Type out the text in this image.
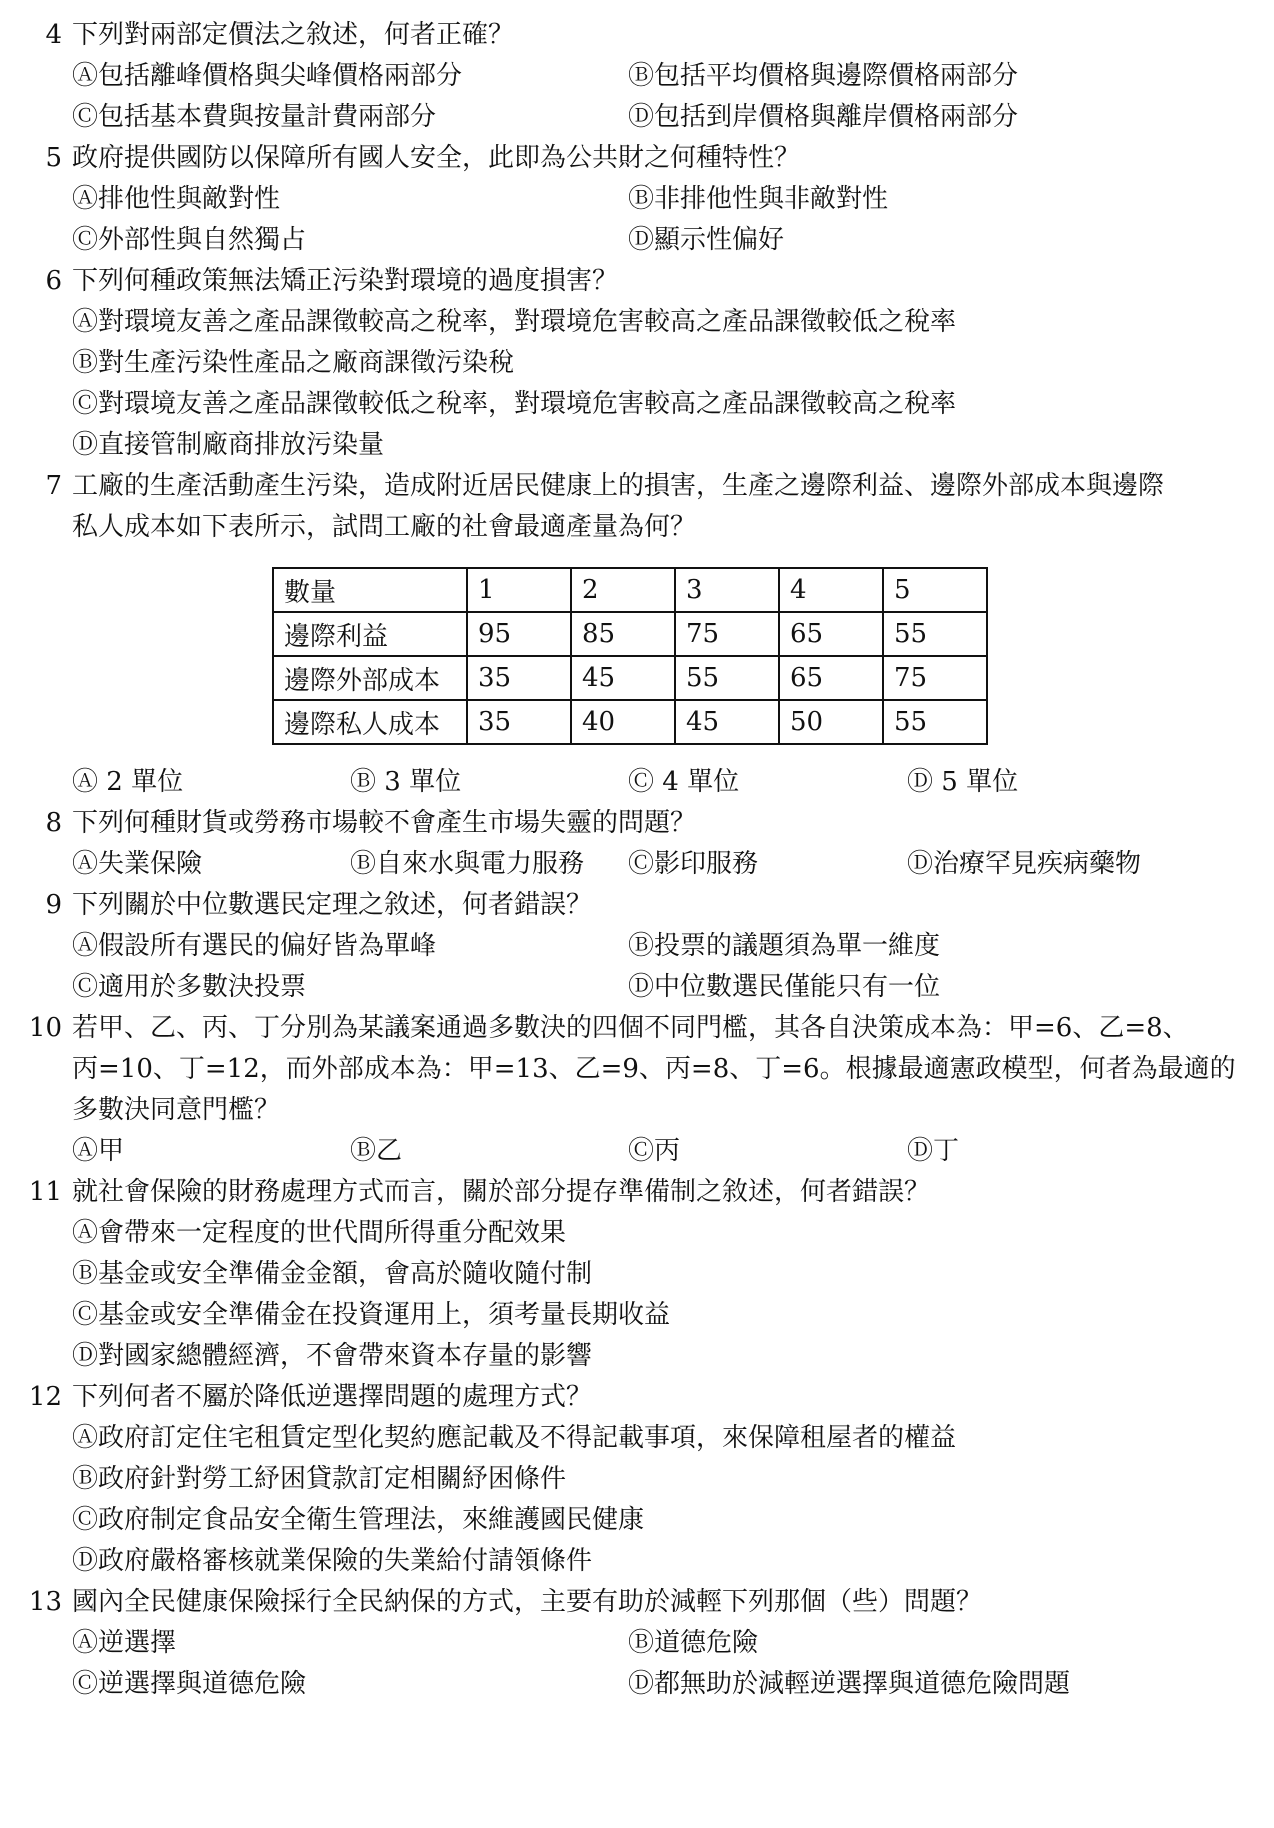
4 下列對兩部定價法之敘述，何者正確？
Ⓐ包括離峰價格與尖峰價格兩部分	Ⓑ包括平均價格與邊際價格兩部分
Ⓒ包括基本費與按量計費兩部分	Ⓓ包括到岸價格與離岸價格兩部分
5 政府提供國防以保障所有國人安全，此即為公共財之何種特性？
Ⓐ排他性與敵對性	Ⓑ非排他性與非敵對性
Ⓒ外部性與自然獨占	Ⓓ顯示性偏好
6 下列何種政策無法矯正污染對環境的過度損害？
Ⓐ對環境友善之產品課徵較高之稅率，對環境危害較高之產品課徵較低之稅率
Ⓑ對生產污染性產品之廠商課徵污染稅
Ⓒ對環境友善之產品課徵較低之稅率，對環境危害較高之產品課徵較高之稅率
Ⓓ直接管制廠商排放污染量
7 工廠的生產活動產生污染，造成附近居民健康上的損害，生產之邊際利益、邊際外部成本與邊際
私人成本如下表所示，試問工廠的社會最適產量為何？
數量	1	2	3	4	5
邊際利益	95	85	75	65	55
邊際外部成本	35	45	55	65	75
邊際私人成本	35	40	45	50	55
Ⓐ 2 單位	Ⓑ 3 單位	Ⓒ 4 單位	Ⓓ 5 單位
8 下列何種財貨或勞務市場較不會產生市場失靈的問題？
Ⓐ失業保險	Ⓑ自來水與電力服務 Ⓒ影印服務	Ⓓ治療罕見疾病藥物
9 下列關於中位數選民定理之敘述，何者錯誤？
Ⓐ假設所有選民的偏好皆為單峰	Ⓑ投票的議題須為單一維度
Ⓒ適用於多數決投票	Ⓓ中位數選民僅能只有一位
10 若甲、乙、丙、丁分別為某議案通過多數決的四個不同門檻，其各自決策成本為：甲=6、乙=8、
丙=10、丁=12，而外部成本為：甲=13、乙=9、丙=8、丁=6。根據最適憲政模型，何者為最適的
多數決同意門檻？
Ⓐ甲	Ⓑ乙	Ⓒ丙	Ⓓ丁
11 就社會保險的財務處理方式而言，關於部分提存準備制之敘述，何者錯誤？
Ⓐ會帶來一定程度的世代間所得重分配效果
Ⓑ基金或安全準備金金額，會高於隨收隨付制
Ⓒ基金或安全準備金在投資運用上，須考量長期收益
Ⓓ對國家總體經濟，不會帶來資本存量的影響
12 下列何者不屬於降低逆選擇問題的處理方式？
Ⓐ政府訂定住宅租賃定型化契約應記載及不得記載事項，來保障租屋者的權益
Ⓑ政府針對勞工紓困貸款訂定相關紓困條件
Ⓒ政府制定食品安全衛生管理法，來維護國民健康
Ⓓ政府嚴格審核就業保險的失業給付請領條件
13 國內全民健康保險採行全民納保的方式，主要有助於減輕下列那個（些）問題？
Ⓐ逆選擇	Ⓑ道德危險
Ⓒ逆選擇與道德危險	Ⓓ都無助於減輕逆選擇與道德危險問題
